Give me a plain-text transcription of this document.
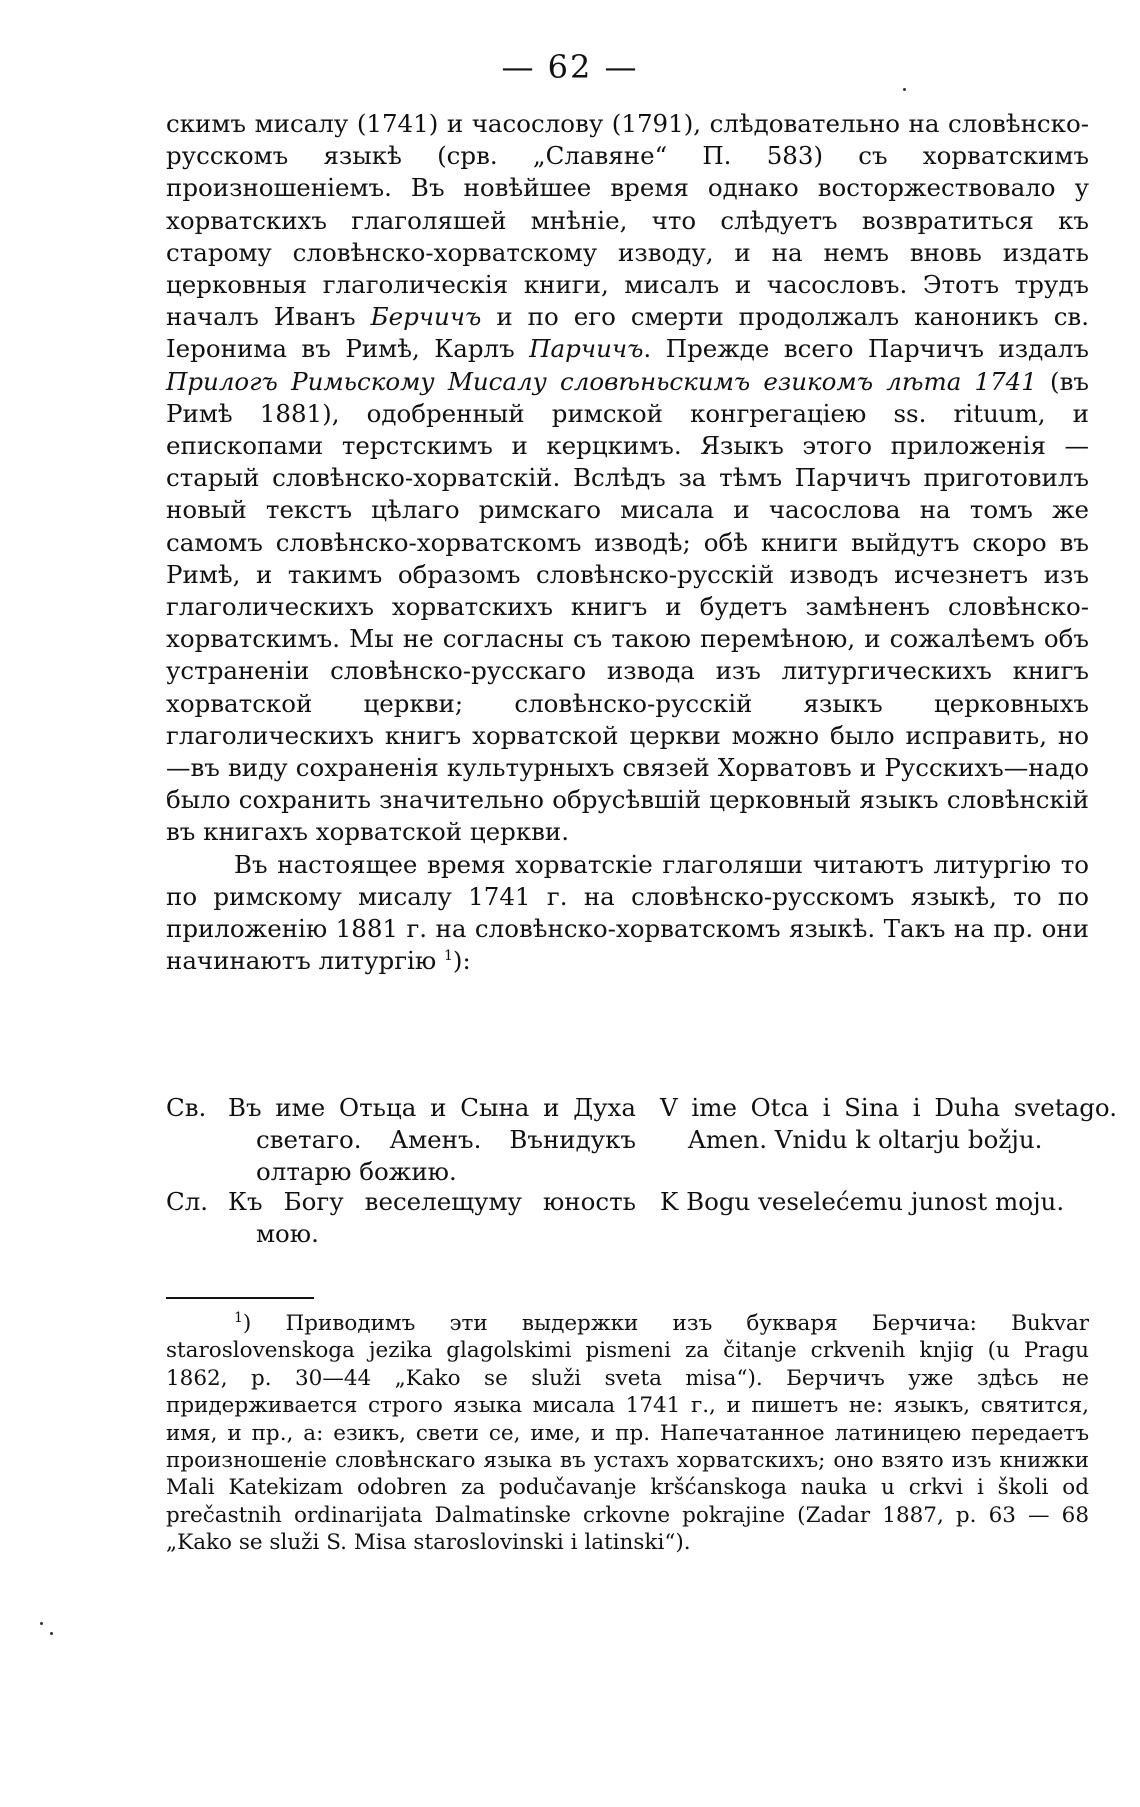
— 62 —

скимъ мисалу (1741) и часослову (1791), слѣдовательно на словѣнско-русскомъ языкѣ (срв. „Славяне“ П. 583) съ хорватскимъ произношеніемъ. Въ новѣйшее время однако восторжествовало у хорватскихъ глаголяшей мнѣніе, что слѣдуетъ возвратиться къ старому словѣнско-хорватскому изводу, и на немъ вновь издать церковныя глаголическія книги, мисалъ и часословъ. Этотъ трудъ началъ Иванъ Берчичъ и по его смерти продолжалъ каноникъ св. Іеронима въ Римѣ, Карлъ Парчичъ. Прежде всего Парчичъ издалъ Прилогъ Римьскому Мисалу словѣньскимъ езикомъ лѣта 1741 (въ Римѣ 1881), одобренный римской конгрегаціею ss. rituum, и епископами терстскимъ и керцкимъ. Языкъ этого приложенія — старый словѣнско-хорватскій. Вслѣдъ за тѣмъ Парчичъ приготовилъ новый текстъ цѣлаго римскаго мисала и часослова на томъ же самомъ словѣнско-хорватскомъ изводѣ; обѣ книги выйдутъ скоро въ Римѣ, и такимъ образомъ словѣнско-русскій изводъ исчезнетъ изъ глаголическихъ хорватскихъ книгъ и будетъ замѣненъ словѣнско-хорватскимъ. Мы не согласны съ такою перемѣною, и сожалѣемъ объ устраненіи словѣнско-русскаго извода изъ литургическихъ книгъ хорватской церкви; словѣнско-русскій языкъ церковныхъ глаголическихъ книгъ хорватской церкви можно было исправить, но—въ виду сохраненія культурныхъ связей Хорватовъ и Русскихъ—надо было сохранить значительно обрусѣвшій церковный языкъ словѣнскій въ книгахъ хорватской церкви.

Въ настоящее время хорватскіе глаголяши читаютъ литургію то по римскому мисалу 1741 г. на словѣнско-русскомъ языкѣ, то по приложенію 1881 г. на словѣнско-хорватскомъ языкѣ. Такъ на пр. они начинаютъ литургію $^1$):

Св. Въ име Отьца и Сына и Духа светаго. Аменъ. Вънидукъ олтарю божию.
V ime Otca i Sina i Duha svetago. Amen. Vnidu k oltarju božju.
Сл. Къ Богу веселещуму юность мою.
K Bogu veselećemu junost moju.
$^1$) Приводимъ эти выдержки изъ букваря Берчича: Bukvar staroslovenskoga jezika glagolskimi pismeni za čitanje crkvenih knjig (u Pragu 1862, p. 30—44 „Kako se služi sveta misa“). Берчичъ уже здѣсь не придерживается строго языка мисала 1741 г., и пишетъ не: языкъ, святится, имя, и пр., а: езикъ, свети се, име, и пр. Напечатанное латиницею передаетъ произношеніе словѣнскаго языка въ устахъ хорватскихъ; оно взято изъ книжки Mali Katekizam odobren za podučavanje kršćanskoga nauka u crkvi i školi od prečastnih ordinarijata Dalmatinske crkovne pokrajine (Zadar 1887, p. 63 — 68 „Kako se služi S. Misa staroslovinski i latinski“).
